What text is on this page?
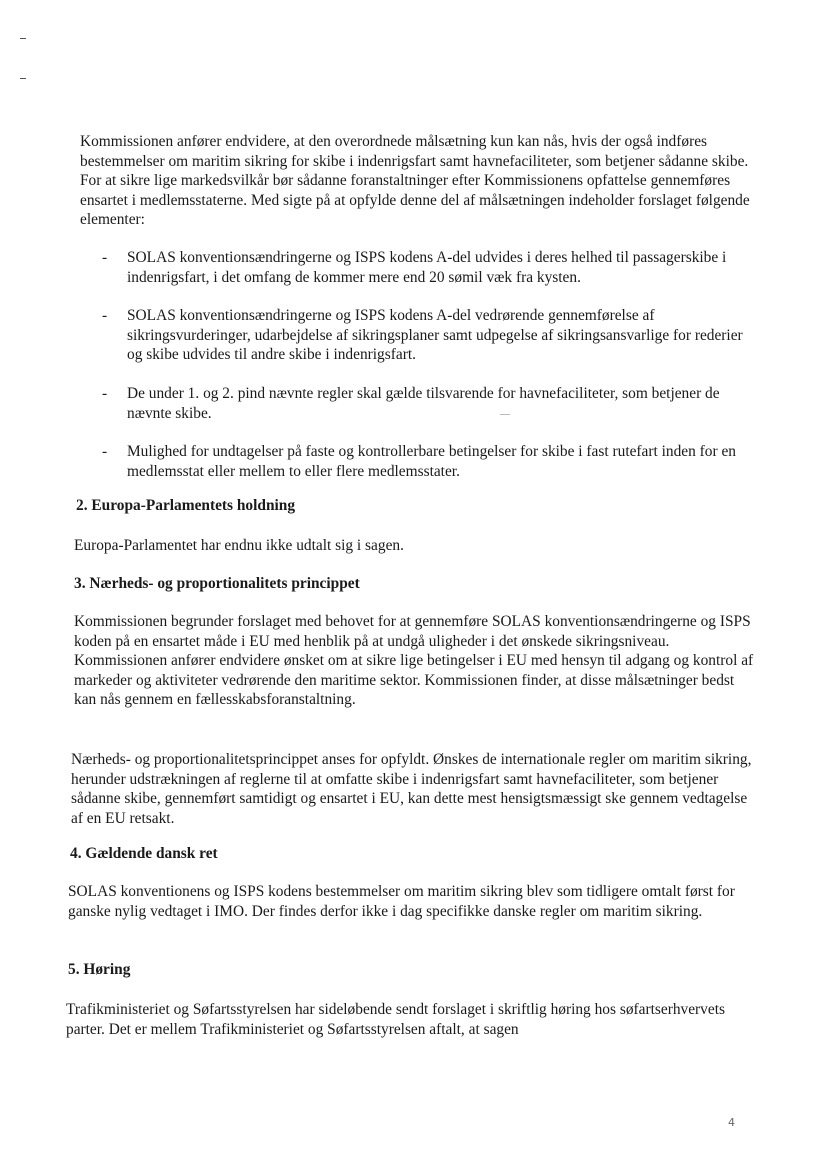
Kommissionen anfører endvidere, at den overordnede målsætning kun kan nås, hvis der også indføres bestemmelser om maritim sikring for skibe i indenrigsfart samt havnefaciliteter, som betjener sådanne skibe. For at sikre lige markedsvilkår bør sådanne foranstaltninger efter Kommissionens opfattelse gennemføres ensartet i medlemsstaterne. Med sigte på at opfylde denne del af målsætningen indeholder forslaget følgende elementer:

- SOLAS konventionsændringerne og ISPS kodens A-del udvides i deres helhed til passagerskibe i indenrigsfart, i det omfang de kommer mere end 20 sømil væk fra kysten.
- SOLAS konventionsændringerne og ISPS kodens A-del vedrørende gennemførelse af sikringsvurderinger, udarbejdelse af sikringsplaner samt udpegelse af sikringsansvarlige for rederier og skibe udvides til andre skibe i indenrigsfart.
- De under 1. og 2. pind nævnte regler skal gælde tilsvarende for havnefaciliteter, som betjener de nævnte skibe.
- Mulighed for undtagelser på faste og kontrollerbare betingelser for skibe i fast rutefart inden for en medlemsstat eller mellem to eller flere medlemsstater.
2. Europa-Parlamentets holdning

Europa-Parlamentet har endnu ikke udtalt sig i sagen.

3. Nærheds- og proportionalitets princippet

Kommissionen begrunder forslaget med behovet for at gennemføre SOLAS konventionsændringerne og ISPS koden på en ensartet måde i EU med henblik på at undgå uligheder i det ønskede sikringsniveau. Kommissionen anfører endvidere ønsket om at sikre lige betingelser i EU med hensyn til adgang og kontrol af markeder og aktiviteter vedrørende den maritime sektor. Kommissionen finder, at disse målsætninger bedst kan nås gennem en fællesskabsforanstaltning.

Nærheds- og proportionalitetsprincippet anses for opfyldt. Ønskes de internationale regler om maritim sikring, herunder udstrækningen af reglerne til at omfatte skibe i indenrigsfart samt havnefaciliteter, som betjener sådanne skibe, gennemført samtidigt og ensartet i EU, kan dette mest hensigtsmæssigt ske gennem vedtagelse af en EU retsakt.

4. Gældende dansk ret

SOLAS konventionens og ISPS kodens bestemmelser om maritim sikring blev som tidligere omtalt først for ganske nylig vedtaget i IMO. Der findes derfor ikke i dag specifikke danske regler om maritim sikring.

5. Høring

Trafikministeriet og Søfartsstyrelsen har sideløbende sendt forslaget i skriftlig høring hos søfartserhvervets parter. Det er mellem Trafikministeriet og Søfartsstyrelsen aftalt, at sagen

4
